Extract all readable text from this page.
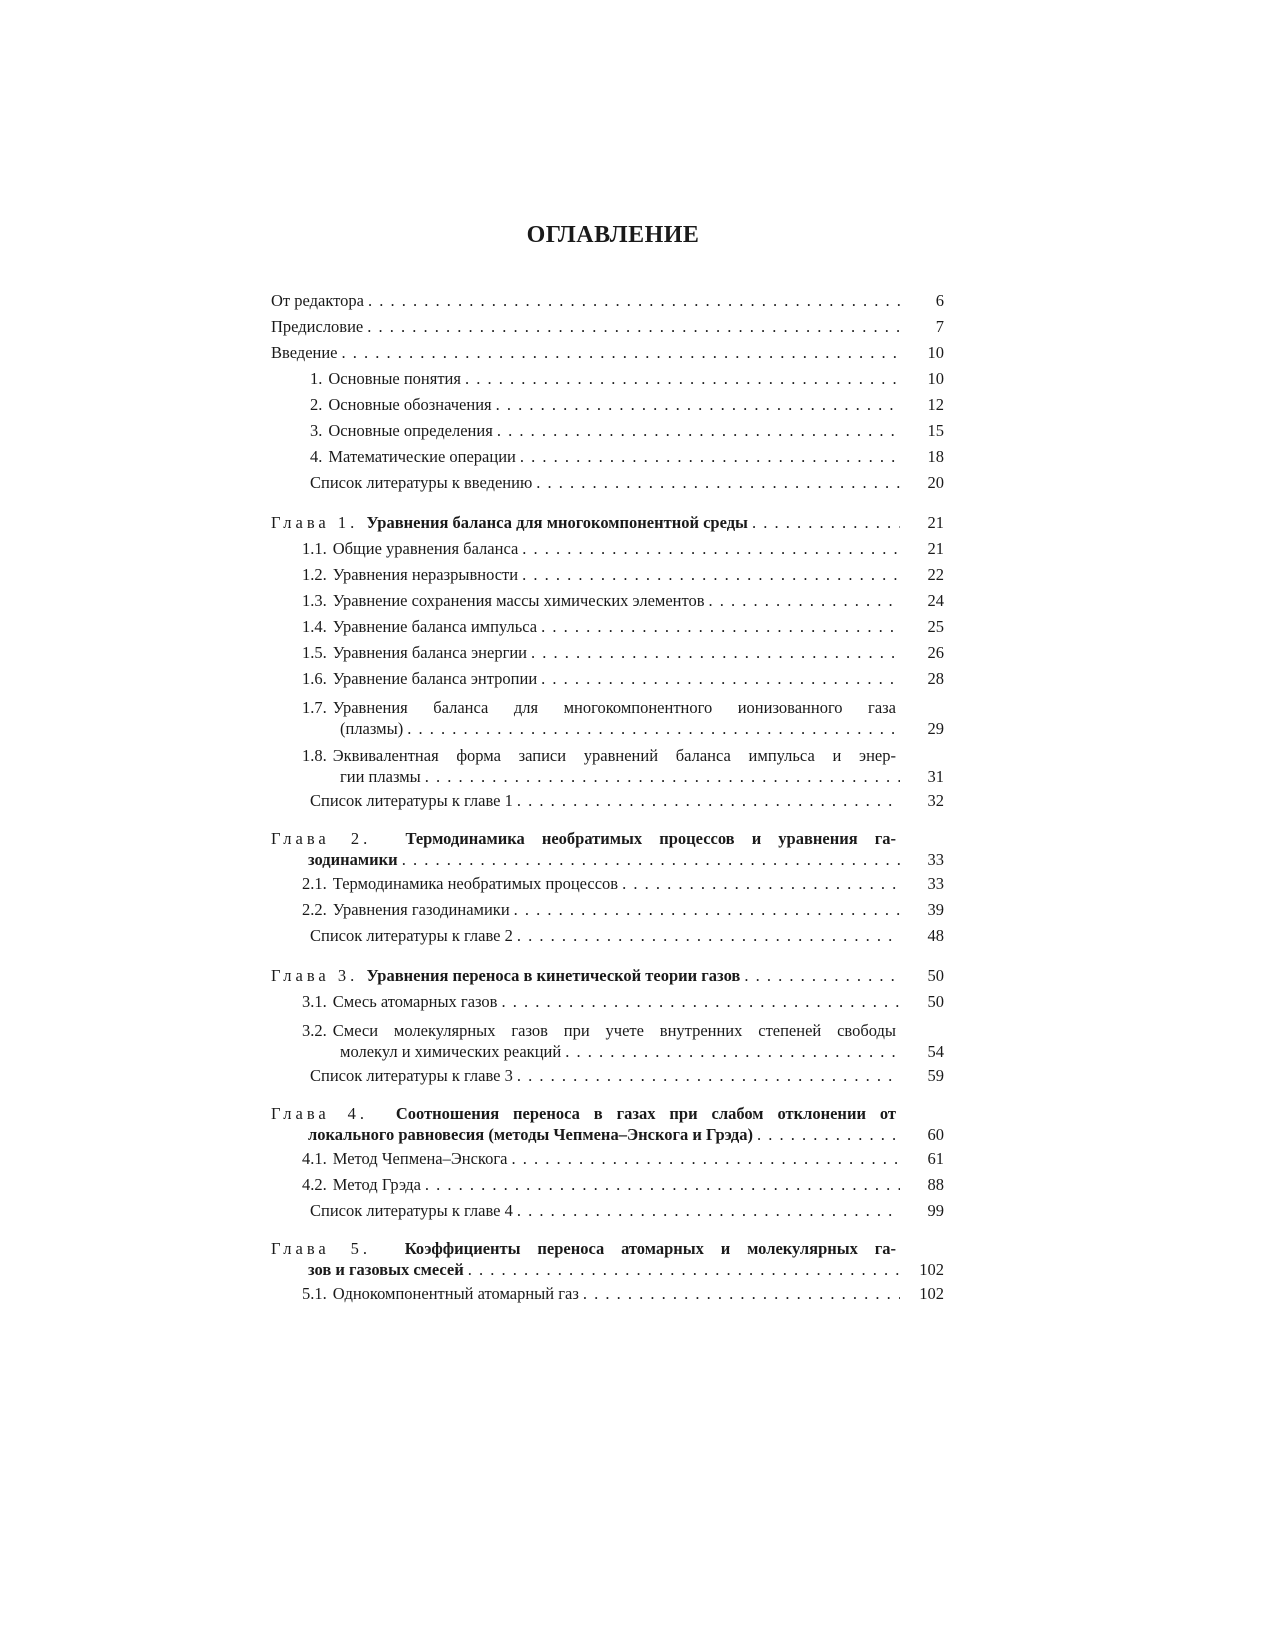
ОГЛАВЛЕНИЕ
От редактора . . .	6
Предисловие . . .	7
Введение . . .	10
1. Основные понятия . . .	10
2. Основные обозначения . . .	12
3. Основные определения . . .	15
4. Математические операции . . .	18
Список литературы к введению . . .	20
Глава 1.
Уравнения баланса для многокомпонентной среды . . .	21
1.1. Общие уравнения баланса . . .	21
1.2. Уравнения неразрывности . . .	22
1.3. Уравнение сохранения массы химических элементов . . .	24
1.4. Уравнение баланса импульса . . .	25
1.5. Уравнения баланса энергии . . .	26
1.6. Уравнение баланса энтропии . . .	28
1.7. Уравнения баланса для многокомпонентного ионизованного газа
(плазмы) . . .	29
1.8. Эквивалентная форма записи уравнений баланса импульса и энер-
гии плазмы . . .	31
Список литературы к главе 1 . . .	32
Глава 2. Термодинамика необратимых процессов и уравнения га-
зодинамики . . .	33
2.1. Термодинамика необратимых процессов . . .	33
2.2. Уравнения газодинамики . . .	39
Список литературы к главе 2 . . .	48
Глава 3.
Уравнения переноса в кинетической теории газов . . .	50
3.1. Смесь атомарных газов . . .	50
3.2. Смеси молекулярных газов при учете внутренних степеней свободы
молекул и химических реакций . . .	54
Список литературы к главе 3 . . .	59
Глава 4. Соотношения переноса в газах при слабом отклонении от
локального равновесия (методы Чепмена–Энскога и Грэда) . . .	60
4.1. Метод Чепмена–Энскога . . .	61
4.2. Метод Грэда . . .	88
Список литературы к главе 4 . . .	99
Глава 5. Коэффициенты переноса атомарных и молекулярных га-
зов и газовых смесей . . .	102
5.1. Однокомпонентный атомарный газ . . .	102
